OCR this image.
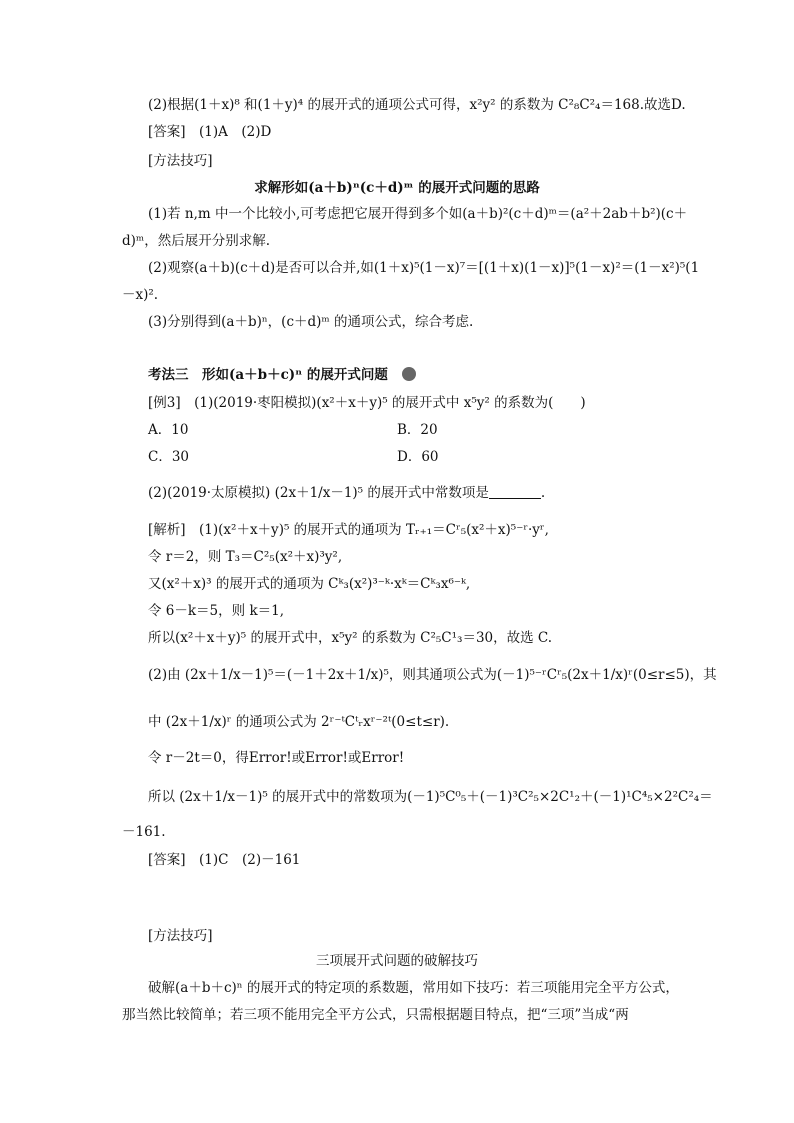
(2)根据(1＋x)⁸ 和(1＋y)⁴ 的展开式的通项公式可得，x²y² 的系数为 C²₈C²₄＝168.故选D.
[答案]　(1)A　(2)D
[方法技巧]
求解形如(a＋b)ⁿ(c＋d)ᵐ 的展开式问题的思路
(1)若 n,m 中一个比较小,可考虑把它展开得到多个如(a＋b)²(c＋d)ᵐ＝(a²＋2ab＋b²)(c＋
d)ᵐ，然后展开分别求解.
(2)观察(a＋b)(c＋d)是否可以合并,如(1＋x)⁵(1－x)⁷＝[(1＋x)(1－x)]⁵(1－x)²＝(1－x²)⁵(1
－x)².
(3)分别得到(a＋b)ⁿ，(c＋d)ᵐ 的通项公式，综合考虑.
考法三　形如(a＋b＋c)ⁿ 的展开式问题
[例3]　(1)(2019·枣阳模拟)(x²＋x＋y)⁵ 的展开式中 x⁵y² 的系数为(　　)
A．10	B．20
C．30	D．60
(2)(2019·太原模拟) (2x＋1/x－1)⁵ 的展开式中常数项是	.
[解析]　(1)(x²＋x＋y)⁵ 的展开式的通项为 Tᵣ₊₁＝Cʳ₅(x²＋x)⁵⁻ʳ·yʳ,
令 r＝2，则 T₃＝C²₅(x²＋x)³y²,
又(x²＋x)³ 的展开式的通项为 Cᵏ₃(x²)³⁻ᵏ·xᵏ＝Cᵏ₃x⁶⁻ᵏ,
令 6－k＝5，则 k＝1,
所以(x²＋x＋y)⁵ 的展开式中，x⁵y² 的系数为 C²₅C¹₃＝30，故选 C.
(2)由 (2x＋1/x－1)⁵＝(－1＋2x＋1/x)⁵，则其通项公式为(－1)⁵⁻ʳCʳ₅(2x＋1/x)ʳ(0≤r≤5)，其
中 (2x＋1/x)ʳ 的通项公式为 2ʳ⁻ᵗCᵗᵣxʳ⁻²ᵗ(0≤t≤r).
令 r－2t＝0，得Error!或Error!或Error!
所以 (2x＋1/x－1)⁵ 的展开式中的常数项为(－1)⁵C⁰₅＋(－1)³C²₅×2C¹₂＋(－1)¹C⁴₅×2²C²₄＝
－161.
[答案]　(1)C　(2)－161
[方法技巧]
三项展开式问题的破解技巧
破解(a＋b＋c)ⁿ 的展开式的特定项的系数题，常用如下技巧：若三项能用完全平方公式，
那当然比较简单；若三项不能用完全平方公式，只需根据题目特点，把“三项”当成“两
